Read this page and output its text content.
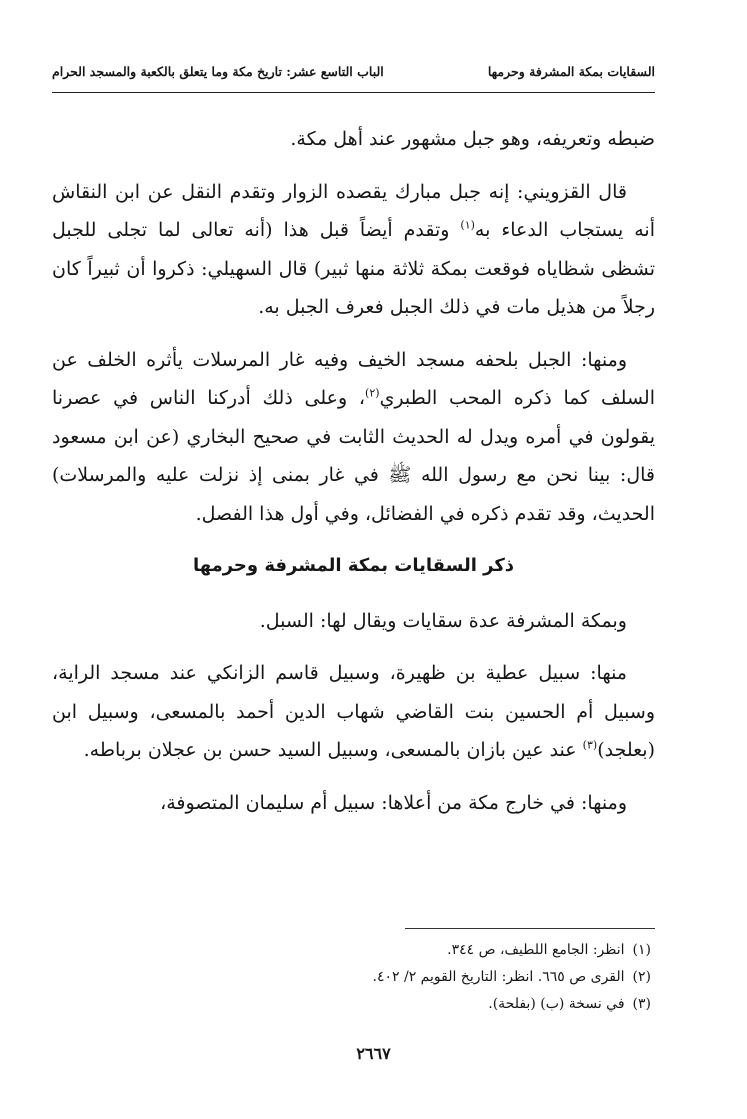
السقايات بمكة المشرفة وحرمها
الباب التاسع عشر: تاريخ مكة وما يتعلق بالكعبة والمسجد الحرام

ضبطه وتعريفه، وهو جبل مشهور عند أهل مكة.

قال القزويني: إنه جبل مبارك يقصده الزوار وتقدم النقل عن ابن النقاش أنه يستجاب الدعاء به$^{(١)}$ وتقدم أيضاً قبل هذا (أنه تعالى لما تجلى للجبل تشظى شظاياه فوقعت بمكة ثلاثة منها ثبير) قال السهيلي: ذكروا أن ثبيراً كان رجلاً من هذيل مات في ذلك الجبل فعرف الجبل به.

ومنها: الجبل بلحفه مسجد الخيف وفيه غار المرسلات يأثره الخلف عن السلف كما ذكره المحب الطبري$^{(٢)}$، وعلى ذلك أدركنا الناس في عصرنا يقولون في أمره ويدل له الحديث الثابت في صحيح البخاري (عن ابن مسعود قال: بينا نحن مع رسول الله ﷺ في غار بمنى إذ نزلت عليه والمرسلات) الحديث، وقد تقدم ذكره في الفضائل، وفي أول هذا الفصل.

ذكر السقايات بمكة المشرفة وحرمها

وبمكة المشرفة عدة سقايات ويقال لها: السبل.

منها: سبيل عطية بن ظهيرة، وسبيل قاسم الزانكي عند مسجد الراية، وسبيل أم الحسين بنت القاضي شهاب الدين أحمد بالمسعى، وسبيل ابن (بعلجد)$^{(٣)}$ عند عين بازان بالمسعى، وسبيل السيد حسن بن عجلان برباطه.

ومنها: في خارج مكة من أعلاها: سبيل أم سليمان المتصوفة،

(١)
انظر: الجامع اللطيف، ص ٣٤٤.
(٢)
القرى ص ٦٦٥. انظر: التاريخ القويم ٢/ ٤٠٢.
(٣)
في نسخة (ب) (بفلحة).
٢٦٦٧
